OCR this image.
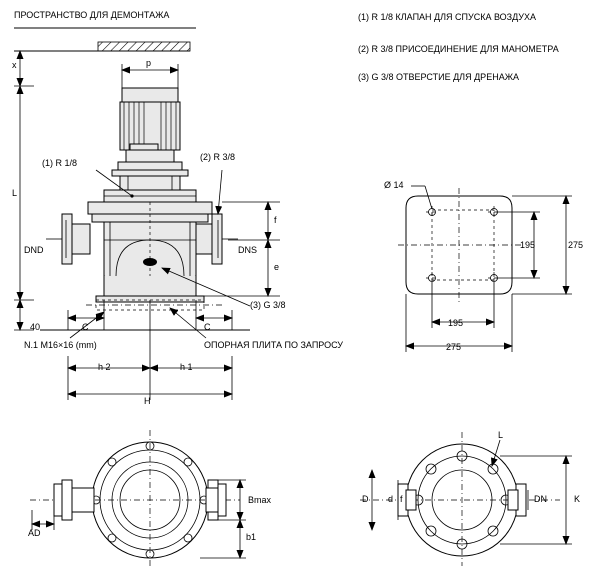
ПРОСТРАНСТВО ДЛЯ ДЕМОНТАЖА	(1) R 1/8 КЛАПАН ДЛЯ СПУСКА ВОЗДУХА
(2) R 3/8 ПРИСОЕДИНЕНИЕ ДЛЯ МАНОМЕТРА
(3) G 3/8 ОТВЕРСТИЕ ДЛЯ ДРЕНАЖА
x
L
p
(1) R 1/8
(2) R 3/8
DND	DNS
f
e
40	C	C
(3) G 3/8
N.1 M16×16 (mm)	ОПОРНАЯ ПЛИТА ПО ЗАПРОСУ
h 2	h 1
H
Ø 14
195	275
195
275
Bmax
b1
AD
L
D d f	DN	K
